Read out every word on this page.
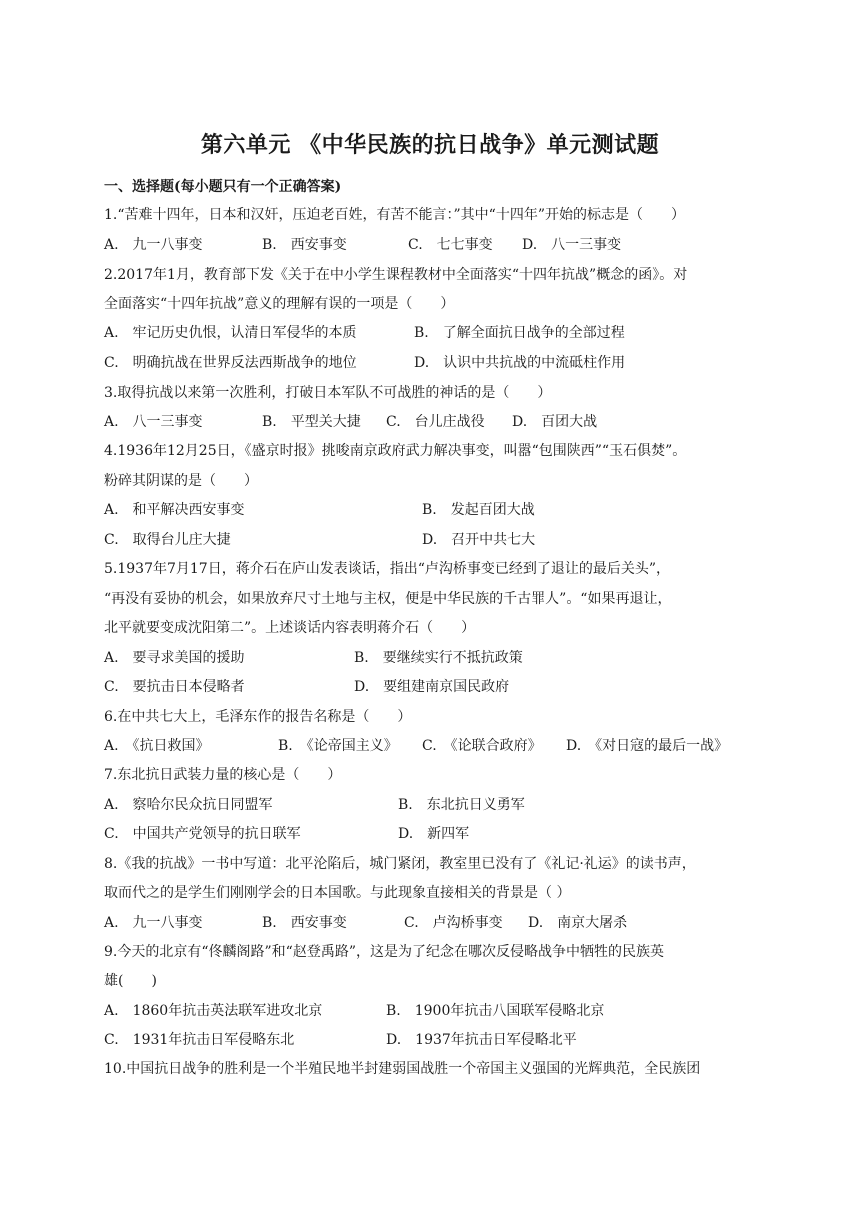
第六单元 《中华民族的抗日战争》单元测试题
一、选择题(每小题只有一个正确答案)
1.“苦难十四年，日本和汉奸，压迫老百姓，有苦不能言：”其中“十四年”开始的标志是（　　）
A.　九一八事变	B.　西安事变	C.　七七事变 D.　八一三事变
2.2017年1月，教育部下发《关于在中小学生课程教材中全面落实“十四年抗战”概念的函》。对
全面落实“十四年抗战”意义的理解有误的一项是（　　）
A.　牢记历史仇恨，认清日军侵华的本质	B.　了解全面抗日战争的全部过程
C.　明确抗战在世界反法西斯战争的地位	D.　认识中共抗战的中流砥柱作用
3.取得抗战以来第一次胜利，打破日本军队不可战胜的神话的是（　　）
A.　八一三事变	B.　平型关大捷 C.　台儿庄战役 D.　百团大战
4.1936年12月25日，《盛京时报》挑唆南京政府武力解决事变，叫嚣“包围陕西”“玉石俱焚”。
粉碎其阴谋的是（　　）
A.　和平解决西安事变	B.　发起百团大战
C.　取得台儿庄大捷	D.　召开中共七大
5.1937年7月17日，蒋介石在庐山发表谈话，指出“卢沟桥事变已经到了退让的最后关头”，
“再没有妥协的机会，如果放弃尺寸土地与主权，便是中华民族的千古罪人”。“如果再退让，
北平就要变成沈阳第二”。上述谈话内容表明蒋介石（　　）
A.　要寻求美国的援助	B.　要继续实行不抵抗政策
C.　要抗击日本侵略者	D.　要组建南京国民政府
6.在中共七大上，毛泽东作的报告名称是（　　）
A.　《抗日救国》	B.　《论帝国主义》 C.　《论联合政府》 D.　《对日寇的最后一战》
7.东北抗日武装力量的核心是（　　）
A.　察哈尔民众抗日同盟军	B.　东北抗日义勇军
C.　中国共产党领导的抗日联军	D.　新四军
8.《我的抗战》一书中写道：北平沦陷后，城门紧闭，教室里已没有了《礼记·礼运》的读书声，
取而代之的是学生们刚刚学会的日本国歌。与此现象直接相关的背景是（ ）
A.　九一八事变	B.　西安事变	C.　卢沟桥事变 D.　南京大屠杀
9.今天的北京有“佟麟阁路”和“赵登禹路”，这是为了纪念在哪次反侵略战争中牺牲的民族英
雄(　　)
A.　1860年抗击英法联军进攻北京	B.　1900年抗击八国联军侵略北京
C.　1931年抗击日军侵略东北	D.　1937年抗击日军侵略北平
10.中国抗日战争的胜利是一个半殖民地半封建弱国战胜一个帝国主义强国的光辉典范，全民族团
